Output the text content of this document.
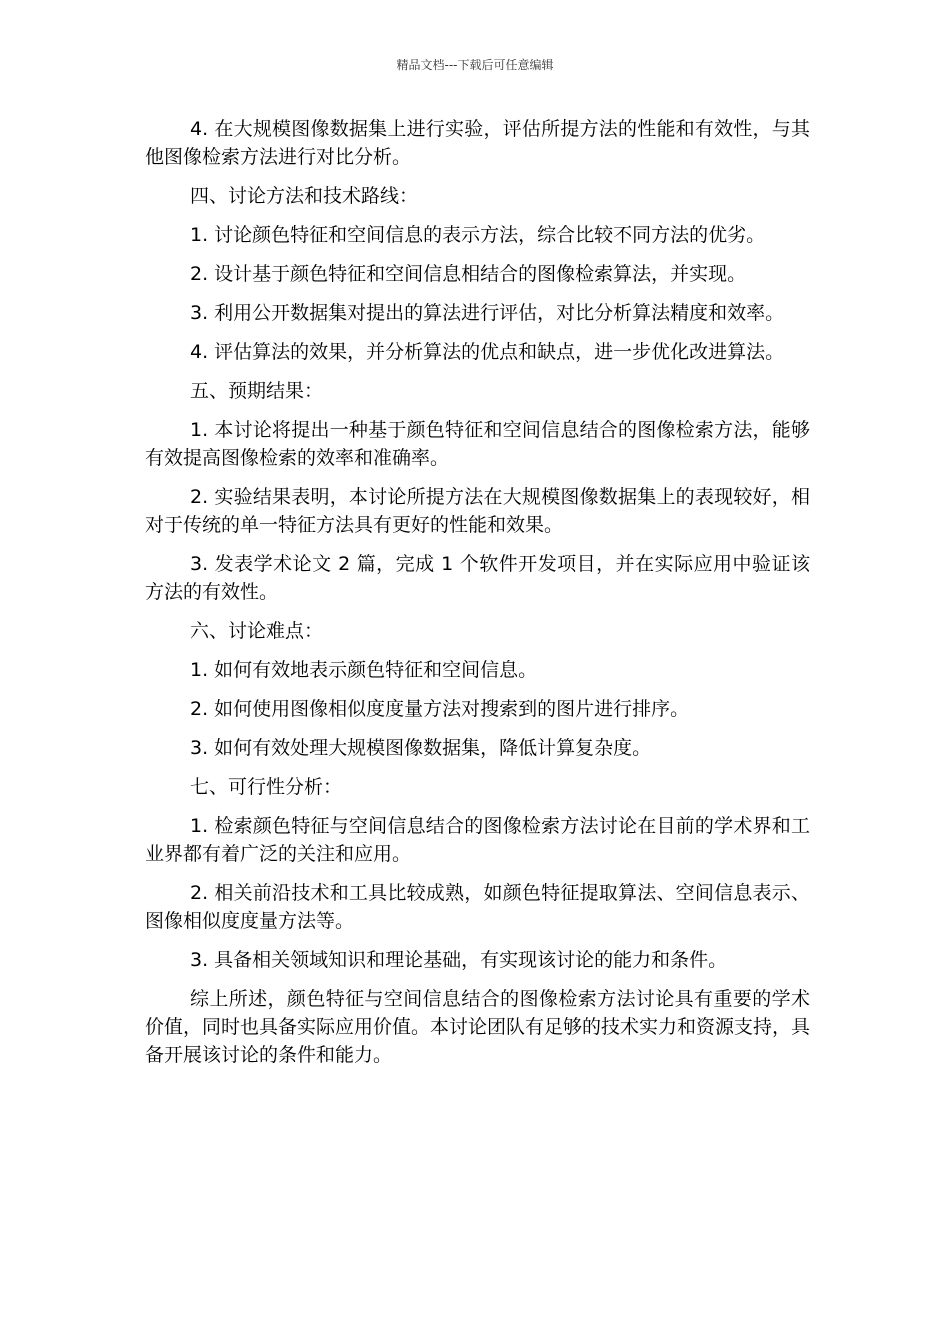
精品文档---下载后可任意编辑

4. 在大规模图像数据集上进行实验，评估所提方法的性能和有效性，与其他图像检索方法进行对比分析。

四、讨论方法和技术路线：

1. 讨论颜色特征和空间信息的表示方法，综合比较不同方法的优劣。

2. 设计基于颜色特征和空间信息相结合的图像检索算法，并实现。

3. 利用公开数据集对提出的算法进行评估，对比分析算法精度和效率。

4. 评估算法的效果，并分析算法的优点和缺点，进一步优化改进算法。

五、预期结果：

1. 本讨论将提出一种基于颜色特征和空间信息结合的图像检索方法，能够有效提高图像检索的效率和准确率。

2. 实验结果表明，本讨论所提方法在大规模图像数据集上的表现较好，相对于传统的单一特征方法具有更好的性能和效果。

3. 发表学术论文 2 篇，完成 1 个软件开发项目，并在实际应用中验证该方法的有效性。

六、讨论难点：

1. 如何有效地表示颜色特征和空间信息。

2. 如何使用图像相似度度量方法对搜索到的图片进行排序。

3. 如何有效处理大规模图像数据集，降低计算复杂度。

七、可行性分析：

1. 检索颜色特征与空间信息结合的图像检索方法讨论在目前的学术界和工业界都有着广泛的关注和应用。

2. 相关前沿技术和工具比较成熟，如颜色特征提取算法、空间信息表示、图像相似度度量方法等。

3. 具备相关领域知识和理论基础，有实现该讨论的能力和条件。

综上所述，颜色特征与空间信息结合的图像检索方法讨论具有重要的学术价值，同时也具备实际应用价值。本讨论团队有足够的技术实力和资源支持，具备开展该讨论的条件和能力。
